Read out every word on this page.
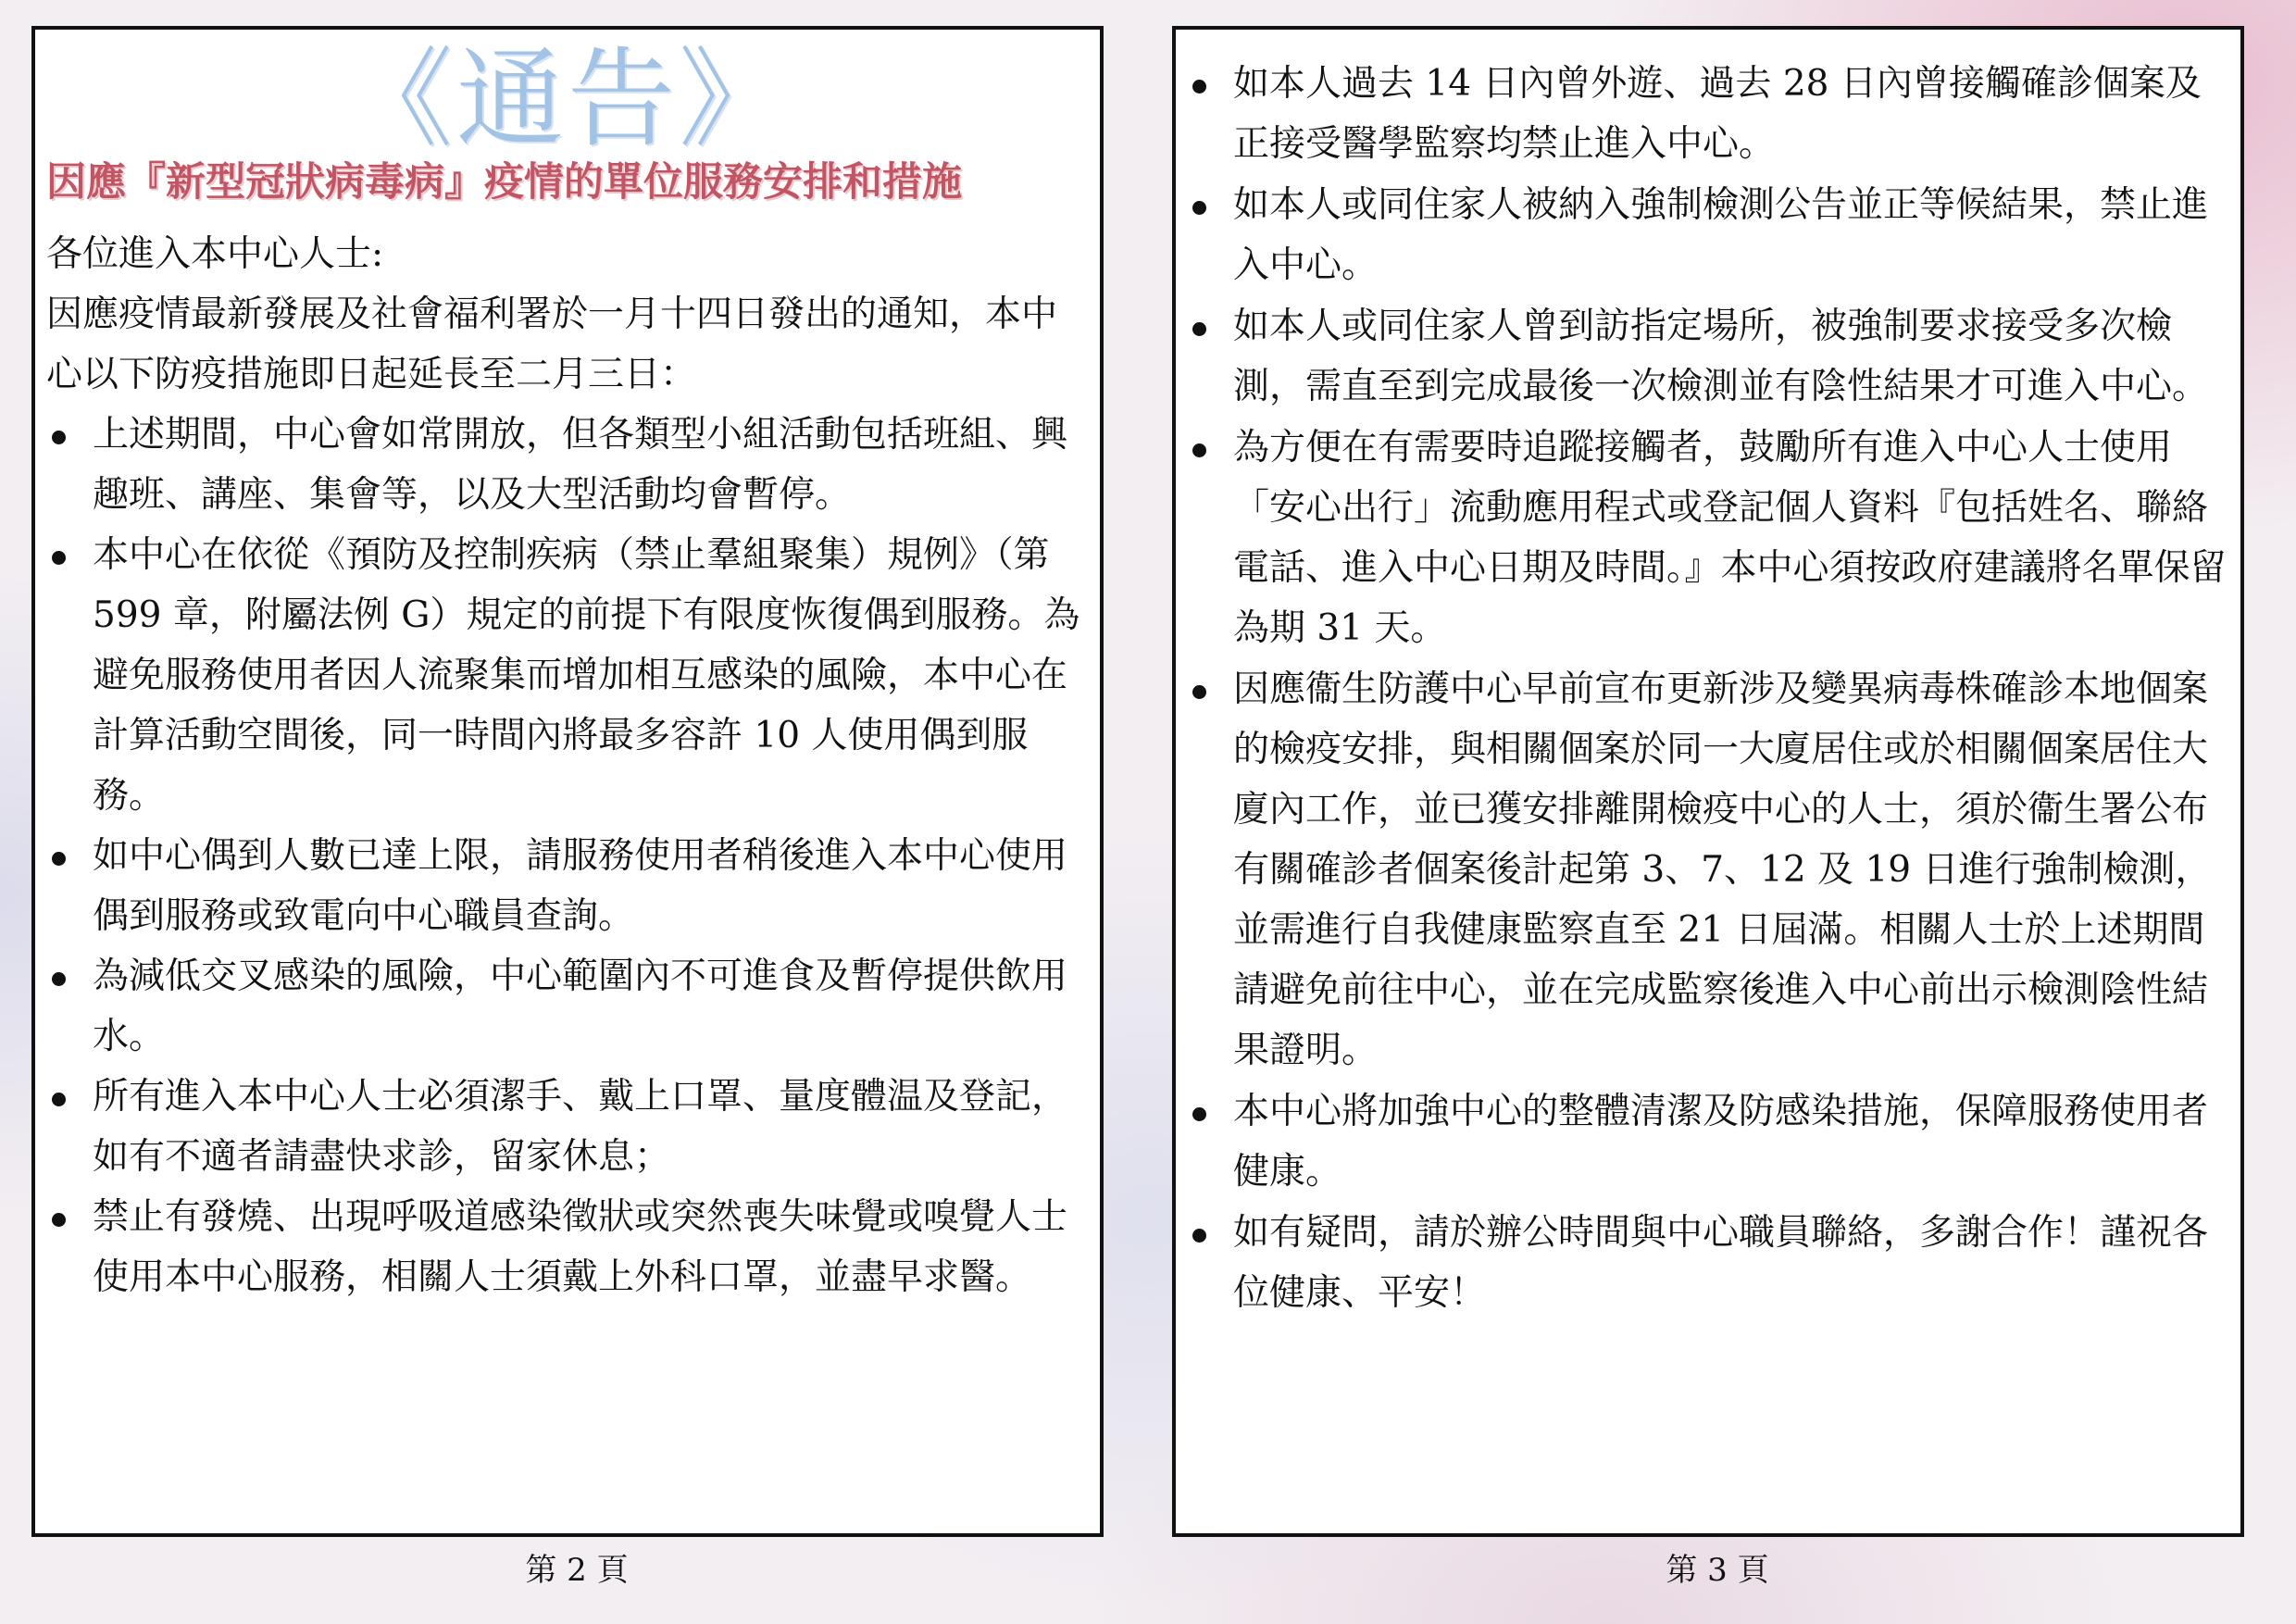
《通告》
因應『新型冠狀病毒病』疫情的單位服務安排和措施

各位進入本中心人士:

因應疫情最新發展及社會福利署於一月十四日發出的通知，本中心以下防疫措施即日起延長至二月三日：

上述期間，中心會如常開放，但各類型小組活動包括班組、興趣班、講座、集會等，以及大型活動均會暫停。
本中心在依從《預防及控制疾病（禁止羣組聚集）規例》（第 599 章，附屬法例 G）規定的前提下有限度恢復偶到服務。為避免服務使用者因人流聚集而增加相互感染的風險，本中心在計算活動空間後，同一時間內將最多容許 10 人使用偶到服務。
如中心偶到人數已達上限，請服務使用者稍後進入本中心使用偶到服務或致電向中心職員查詢。
為減低交叉感染的風險，中心範圍內不可進食及暫停提供飲用水。
所有進入本中心人士必須潔手、戴上口罩、量度體温及登記，如有不適者請盡快求診，留家休息；
禁止有發燒、出現呼吸道感染徵狀或突然喪失味覺或嗅覺人士使用本中心服務，相關人士須戴上外科口罩，並盡早求醫。
如本人過去 14 日內曾外遊、過去 28 日內曾接觸確診個案及正接受醫學監察均禁止進入中心。
如本人或同住家人被納入強制檢測公告並正等候結果，禁止進入中心。
如本人或同住家人曾到訪指定場所，被強制要求接受多次檢測，需直至到完成最後一次檢測並有陰性結果才可進入中心。
為方便在有需要時追蹤接觸者，鼓勵所有進入中心人士使用「安心出行」流動應用程式或登記個人資料『包括姓名、聯絡電話、進入中心日期及時間。』本中心須按政府建議將名單保留為期 31 天。
因應衞生防護中心早前宣布更新涉及變異病毒株確診本地個案的檢疫安排，與相關個案於同一大廈居住或於相關個案居住大廈內工作，並已獲安排離開檢疫中心的人士，須於衞生署公布有關確診者個案後計起第 3、7、12 及 19 日進行強制檢測，並需進行自我健康監察直至 21 日屆滿。相關人士於上述期間請避免前往中心，並在完成監察後進入中心前出示檢測陰性結果證明。
本中心將加強中心的整體清潔及防感染措施，保障服務使用者健康。
如有疑問，請於辦公時間與中心職員聯絡，多謝合作！謹祝各位健康、平安！
第 2 頁	第 3 頁
